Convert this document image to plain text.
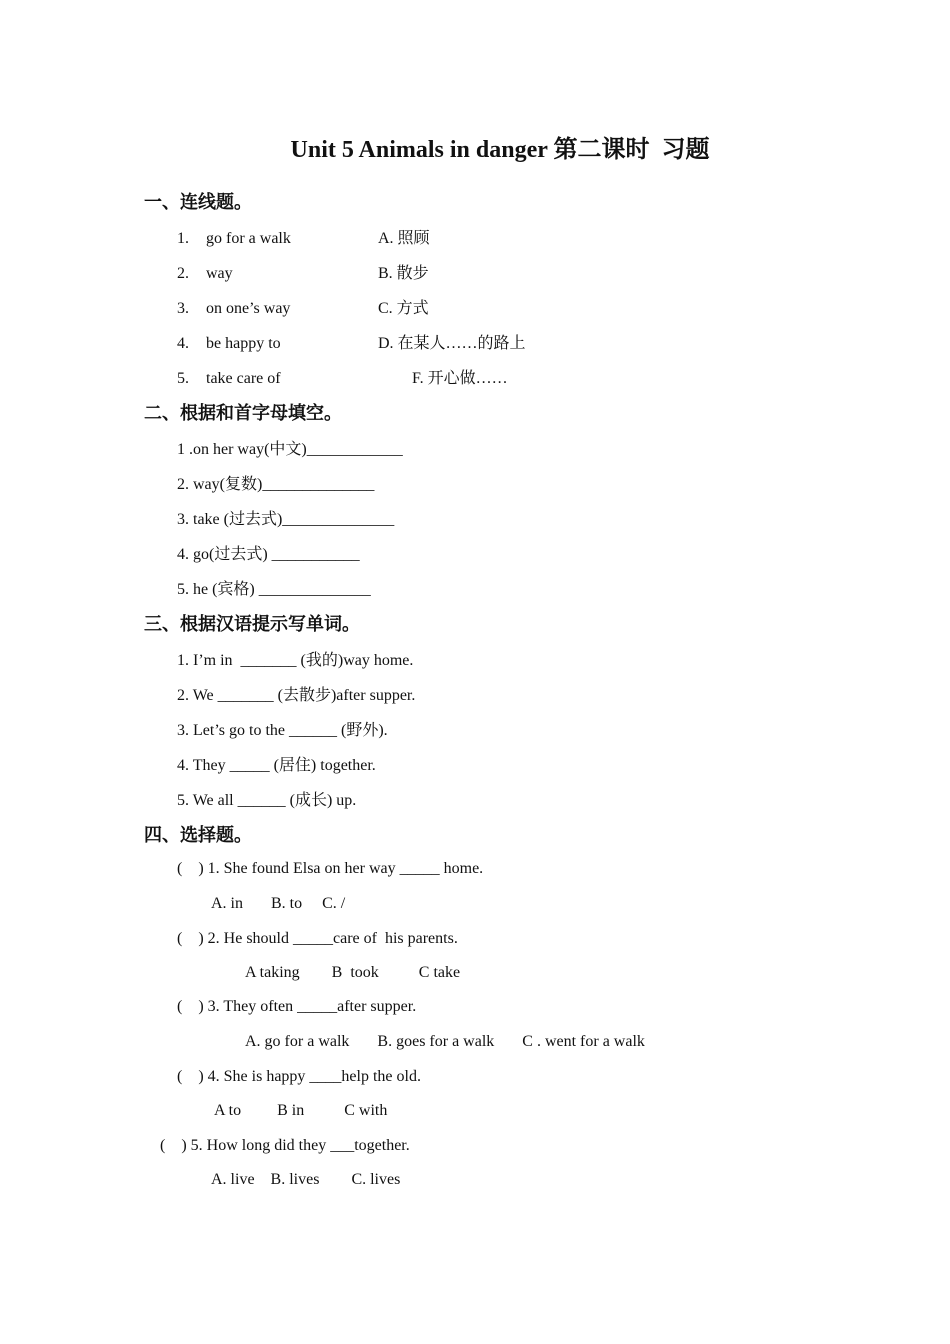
Unit 5 Animals in danger 第二课时  习题
一、连线题。
1. go for a walk	A. 照顾
2. way	B. 散步
3. on one’s way	C. 方式
4. be happy to	D. 在某人……的路上
5. take care of	F. 开心做……
二、根据和首字母填空。
1 .on her way(中文)____________
2. way(复数)______________
3. take (过去式)______________
4. go(过去式) ___________
5. he (宾格) ______________
三、根据汉语提示写单词。
1. I’m in  _______ (我的)way home.
2. We _______ (去散步)after supper.
3. Let’s go to the ______ (野外).
4. They _____ (居住) together.
5. We all ______ (成长) up.
四、选择题。
(    ) 1. She found Elsa on her way _____ home.
A. in       B. to     C. /
(    ) 2. He should _____care of  his parents.
A taking        B  took          C take
(    ) 3. They often _____after supper.
A. go for a walk       B. goes for a walk       C . went for a walk
(    ) 4. She is happy ____help the old.
A to         B in          C with
(    ) 5. How long did they ___together.
A. live    B. lives        C. lives
